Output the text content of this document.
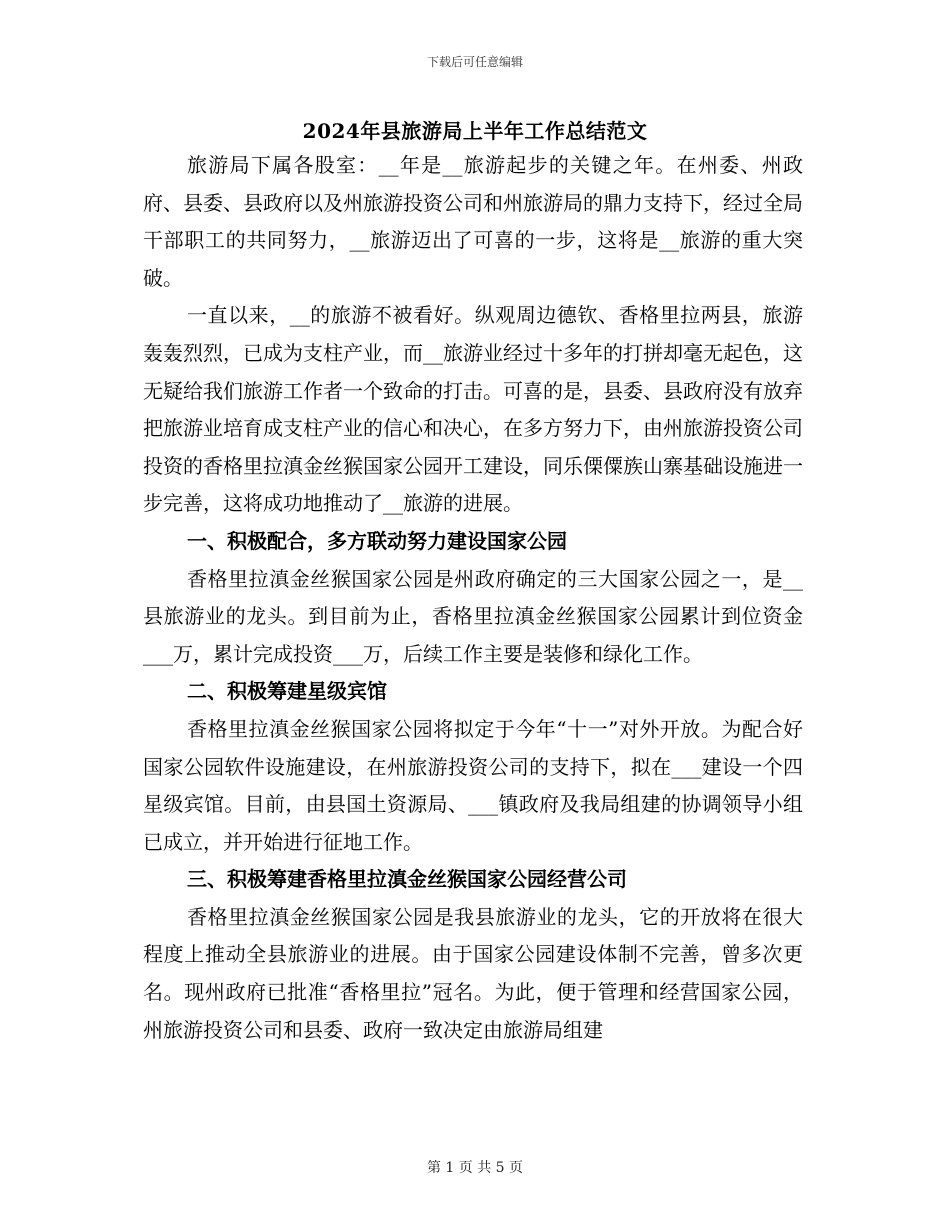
下载后可任意编辑
2024年县旅游局上半年工作总结范文

旅游局下属各股室：__年是__旅游起步的关键之年。在州委、州政府、县委、县政府以及州旅游投资公司和州旅游局的鼎力支持下，经过全局干部职工的共同努力，__旅游迈出了可喜的一步，这将是__旅游的重大突破。

一直以来，__的旅游不被看好。纵观周边德钦、香格里拉两县，旅游轰轰烈烈，已成为支柱产业，而__旅游业经过十多年的打拼却毫无起色，这无疑给我们旅游工作者一个致命的打击。可喜的是，县委、县政府没有放弃把旅游业培育成支柱产业的信心和决心，在多方努力下，由州旅游投资公司投资的香格里拉滇金丝猴国家公园开工建设，同乐傈僳族山寨基础设施进一步完善，这将成功地推动了__旅游的进展。

一、积极配合，多方联动努力建设国家公园

香格里拉滇金丝猴国家公园是州政府确定的三大国家公园之一，是__县旅游业的龙头。到目前为止，香格里拉滇金丝猴国家公园累计到位资金___万，累计完成投资___万，后续工作主要是装修和绿化工作。

二、积极筹建星级宾馆

香格里拉滇金丝猴国家公园将拟定于今年“十一”对外开放。为配合好国家公园软件设施建设，在州旅游投资公司的支持下，拟在___建设一个四星级宾馆。目前，由县国土资源局、___镇政府及我局组建的协调领导小组已成立，并开始进行征地工作。

三、积极筹建香格里拉滇金丝猴国家公园经营公司

香格里拉滇金丝猴国家公园是我县旅游业的龙头，它的开放将在很大程度上推动全县旅游业的进展。由于国家公园建设体制不完善，曾多次更名。现州政府已批准“香格里拉”冠名。为此，便于管理和经营国家公园，州旅游投资公司和县委、政府一致决定由旅游局组建

第 1 页 共 5 页
